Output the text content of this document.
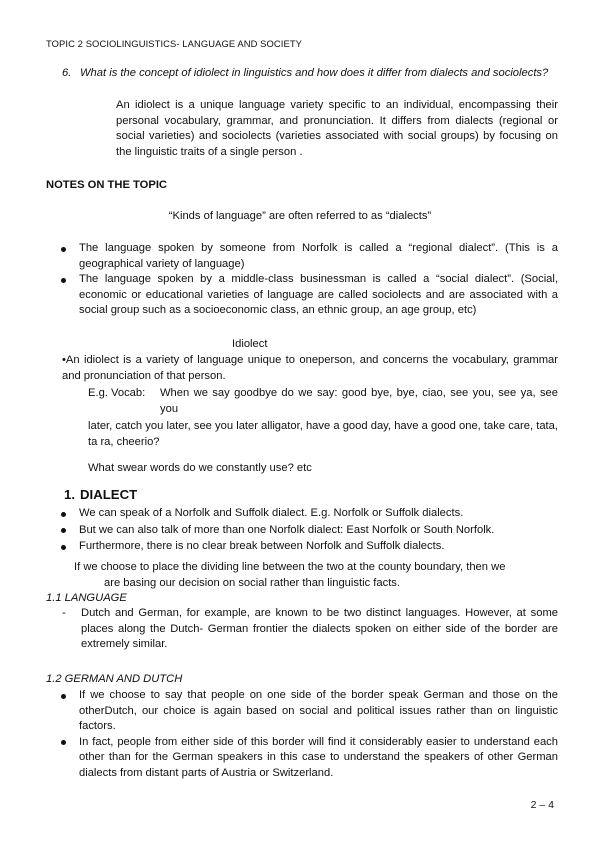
TOPIC 2 SOCIOLINGUISTICS- LANGUAGE AND SOCIETY
6. What is the concept of idiolect in linguistics and how does it differ from dialects and sociolects?
An idiolect is a unique language variety specific to an individual, encompassing their personal vocabulary, grammar, and pronunciation. It differs from dialects (regional or social varieties) and sociolects (varieties associated with social groups) by focusing on the linguistic traits of a single person .
NOTES ON THE TOPIC
“Kinds of language” are often referred to as “dialects”
The language spoken by someone from Norfolk is called a “regional dialect”. (This is a geographical variety of language)
The language spoken by a middle-class businessman is called a “social dialect”. (Social, economic or educational varieties of language are called sociolects and are associated with a social group such as a socioeconomic class, an ethnic group, an age group, etc)
Idiolect
•An idiolect is a variety of language unique to oneperson, and concerns the vocabulary, grammar and pronunciation of that person.
E.g. Vocab:	When we say goodbye do we say: good bye, bye, ciao, see you, see ya, see you
later, catch you later, see you later alligator, have a good day, have a good one, take care, tata, ta ra, cheerio?
What swear words do we constantly use? etc
1. DIALECT
We can speak of a Norfolk and Suffolk dialect. E.g. Norfolk or Suffolk dialects.
But we can also talk of more than one Norfolk dialect: East Norfolk or South Norfolk.
Furthermore, there is no clear break between Norfolk and Suffolk dialects.
If we choose to place the dividing line between the two at the county boundary, then we
are basing our decision on social rather than linguistic facts.
1.1 LANGUAGE
- Dutch and German, for example, are known to be two distinct languages. However, at some places along the Dutch- German frontier the dialects spoken on either side of the border are extremely similar.
1.2 GERMAN AND DUTCH
If we choose to say that people on one side of the border speak German and those on the otherDutch, our choice is again based on social and political issues rather than on linguistic factors.
In fact, people from either side of this border will find it considerably easier to understand each other than for the German speakers in this case to understand the speakers of other German dialects from distant parts of Austria or Switzerland.
2 – 4
